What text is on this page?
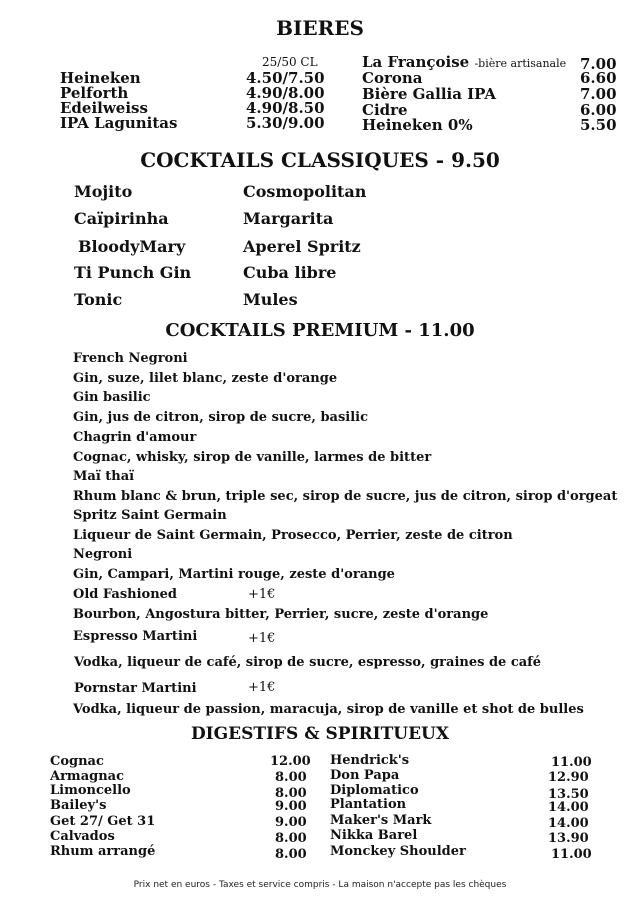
BIERES
25/50 CL
Heineken	4.50/7.50
Pelforth	4.90/8.00
Edeilweiss	4.90/8.50
IPA Lagunitas	5.30/9.00
La Françoise -bière artisanale 7.00
Corona	6.60
Bière Gallia IPA	7.00
Cidre	6.00
Heineken 0%	5.50
COCKTAILS CLASSIQUES - 9.50
Mojito	Cosmopolitan
Caïpirinha	Margarita
BloodyMary	Aperel Spritz
Ti Punch Gin	Cuba libre
Tonic	Mules
COCKTAILS PREMIUM - 11.00
French Negroni
Gin, suze, lilet blanc, zeste d'orange
Gin basilic
Gin, jus de citron, sirop de sucre, basilic
Chagrin d'amour
Cognac, whisky, sirop de vanille, larmes de bitter
Maï thaï
Rhum blanc & brun, triple sec, sirop de sucre, jus de citron, sirop d'orgeat
Spritz Saint Germain
Liqueur de Saint Germain, Prosecco, Perrier, zeste de citron
Negroni
Gin, Campari, Martini rouge, zeste d'orange
Old Fashioned	+1€
Bourbon, Angostura bitter, Perrier, sucre, zeste d'orange
Espresso Martini	+1€
Vodka, liqueur de café, sirop de sucre, espresso, graines de café
Pornstar Martini	+1€
Vodka, liqueur de passion, maracuja, sirop de vanille et shot de bulles
DIGESTIFS & SPIRITUEUX
Cognac	12.00
Armagnac	8.00
Limoncello	8.00
Bailey's	9.00
Get 27/ Get 31	9.00
Calvados	8.00
Rhum arrangé	8.00
Hendrick's	11.00
Don Papa	12.90
Diplomatico	13.50
Plantation	14.00
Maker's Mark	14.00
Nikka Barel	13.90
Monckey Shoulder	11.00
Prix net en euros - Taxes et service compris - La maison n'accepte pas les chèques
